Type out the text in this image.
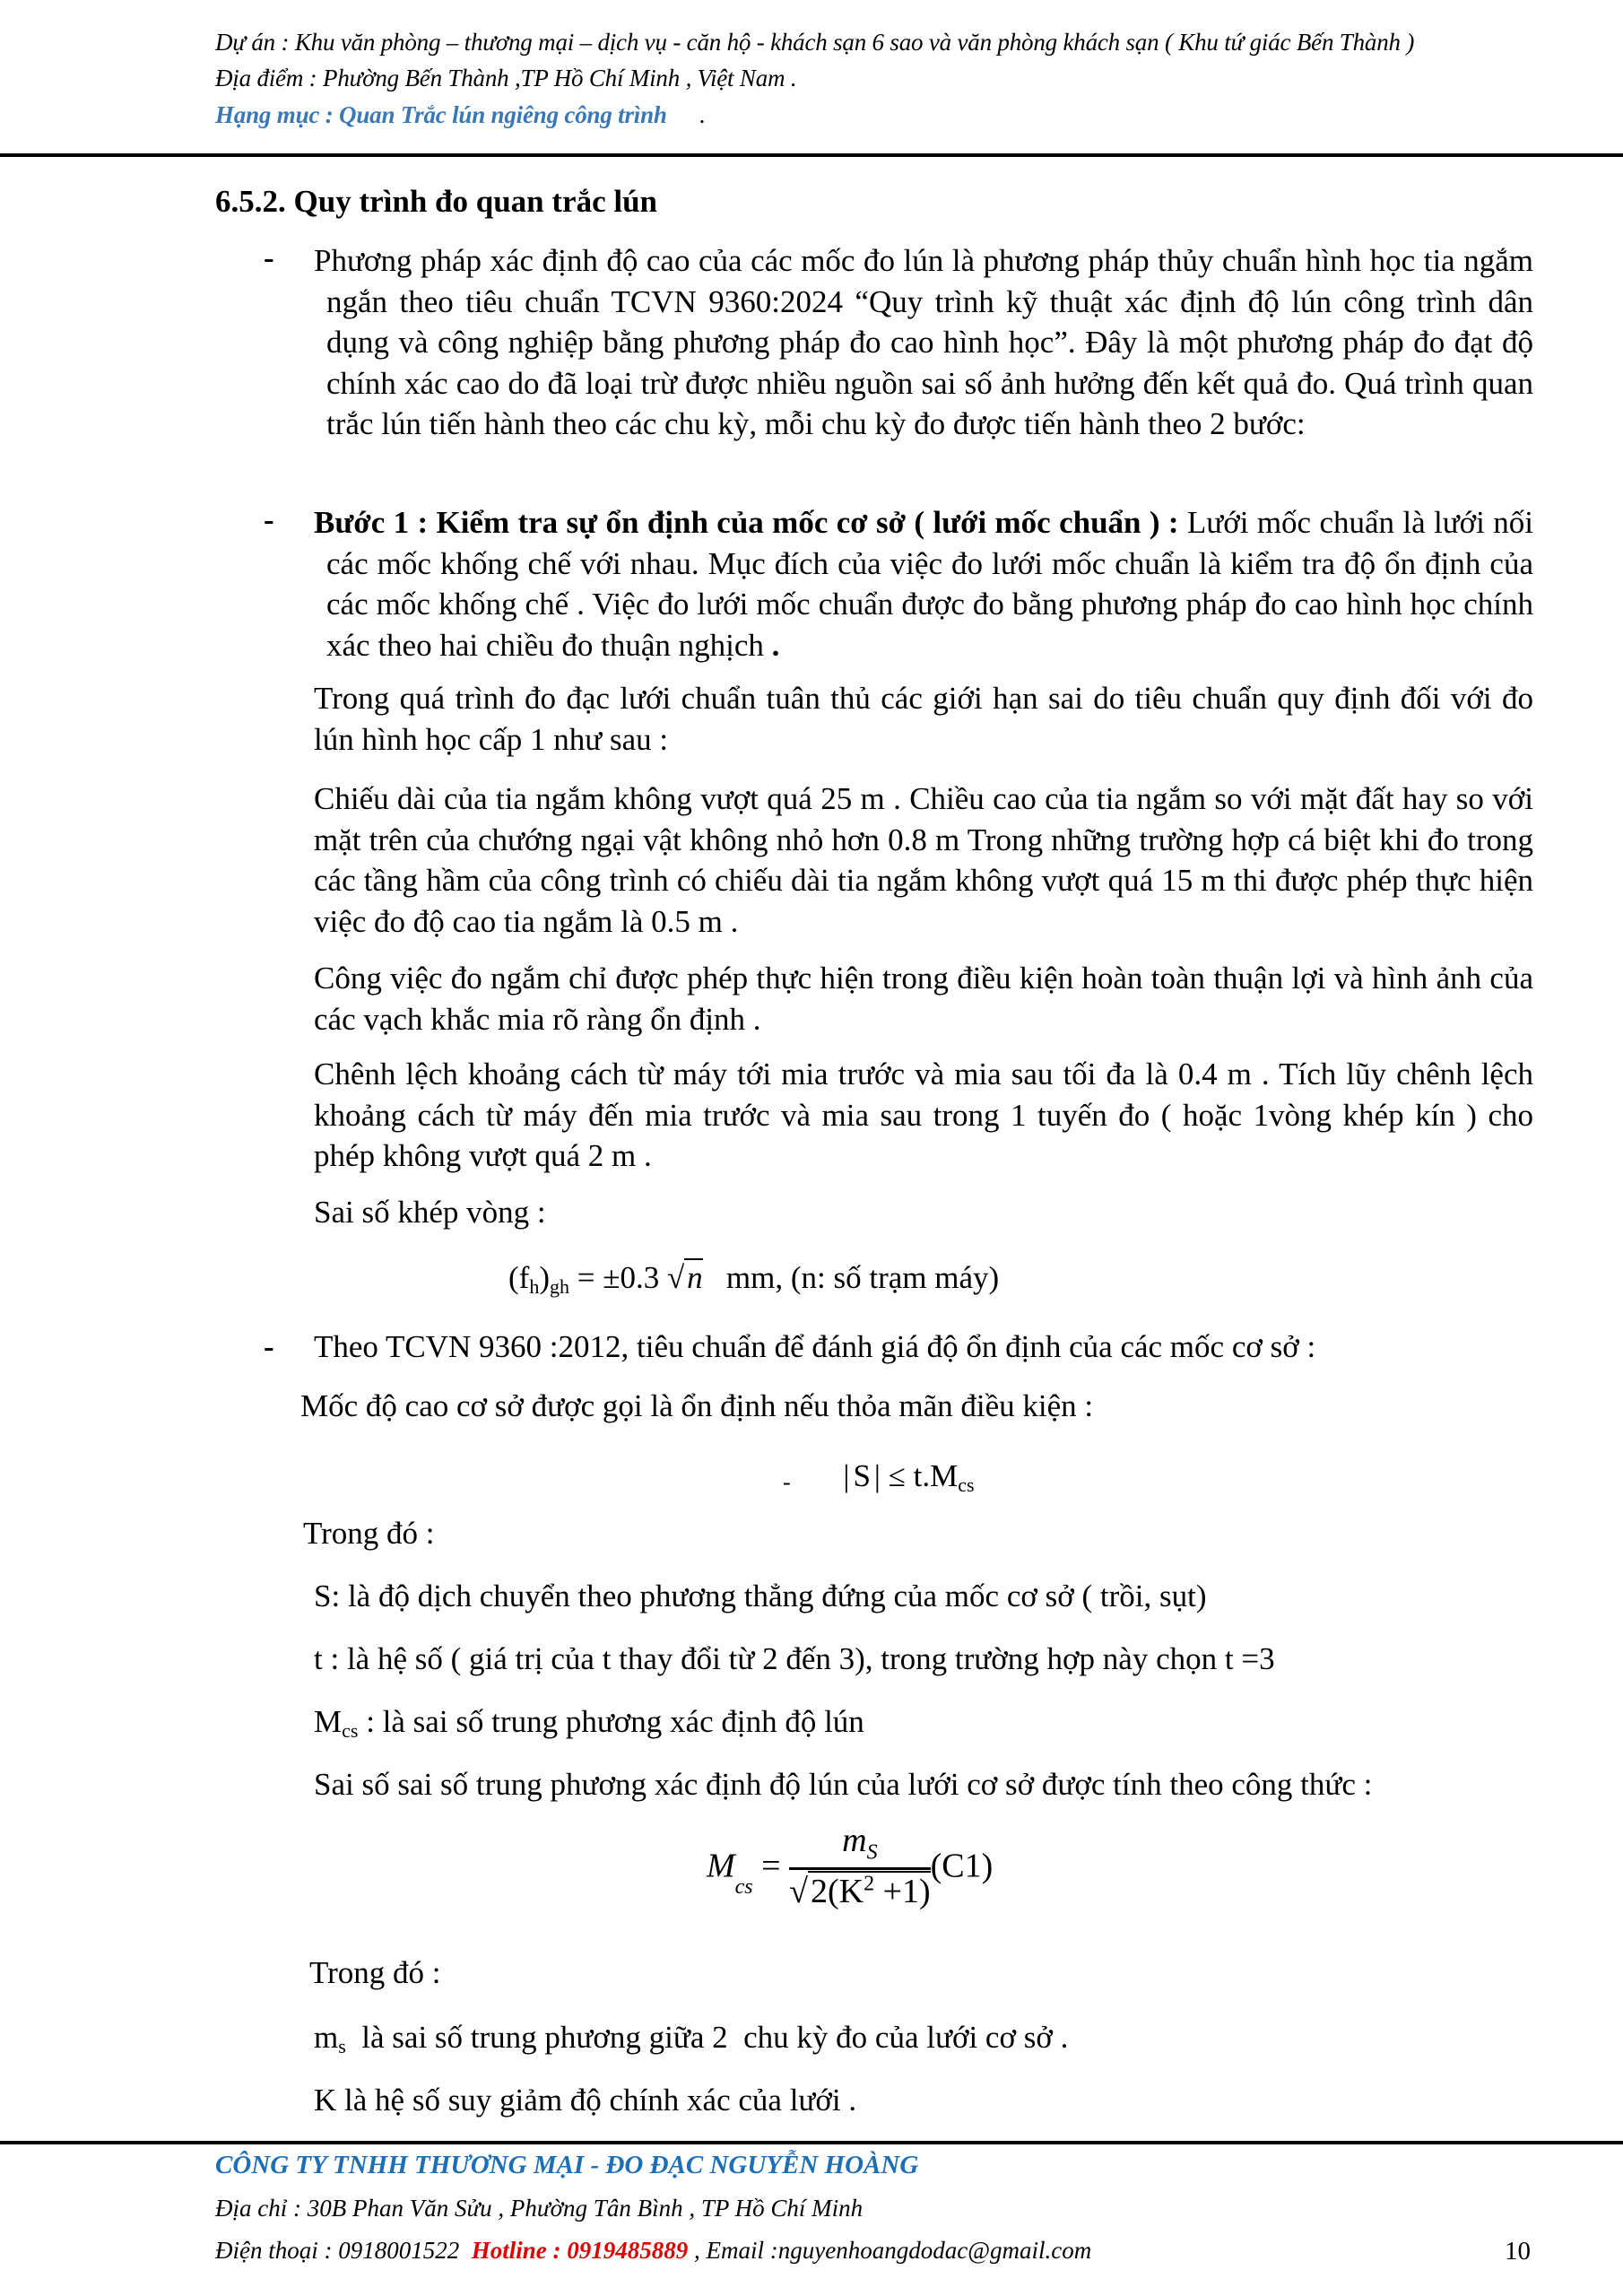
Dự án : Khu văn phòng – thương mại – dịch vụ - căn hộ - khách sạn 6 sao và văn phòng khách sạn ( Khu tứ giác Bến Thành )
Địa điểm : Phường Bến Thành ,TP Hồ Chí Minh , Việt Nam .
Hạng mục : Quan Trắc lún ngiêng công trình .
6.5.2. Quy trình đo quan trắc lún
- Phương pháp xác định độ cao của các mốc đo lún là phương pháp thủy chuẩn hình học tia ngắm ngắn theo tiêu chuẩn TCVN 9360:2024 “Quy trình kỹ thuật xác định độ lún công trình dân dụng và công nghiệp bằng phương pháp đo cao hình học”. Đây là một phương pháp đo đạt độ chính xác cao do đã loại trừ được nhiều nguồn sai số ảnh hưởng đến kết quả đo. Quá trình quan trắc lún tiến hành theo các chu kỳ, mỗi chu kỳ đo được tiến hành theo 2 bước:
- Bước 1 : Kiểm tra sự ổn định của mốc cơ sở ( lưới mốc chuẩn ) : Lưới mốc chuẩn là lưới nối các mốc khống chế với nhau. Mục đích của việc đo lưới mốc chuẩn là kiểm tra độ ổn định của các mốc khống chế . Việc đo lưới mốc chuẩn được đo bằng phương pháp đo cao hình học chính xác theo hai chiều đo thuận nghịch .
Trong quá trình đo đạc lưới chuẩn tuân thủ các giới hạn sai do tiêu chuẩn quy định đối với đo lún hình học cấp 1 như sau :
Chiếu dài của tia ngắm không vượt quá 25 m . Chiều cao của tia ngắm so với mặt đất hay so với mặt trên của chướng ngại vật không nhỏ hơn 0.8 m Trong những trường hợp cá biệt khi đo trong các tầng hầm của công trình có chiếu dài tia ngắm không vượt quá 15 m thi được phép thực hiện việc đo độ cao tia ngắm là 0.5 m .
Công việc đo ngắm chỉ được phép thực hiện trong điều kiện hoàn toàn thuận lợi và hình ảnh của các vạch khắc mia rõ ràng ổn định .
Chênh lệch khoảng cách từ máy tới mia trước và mia sau tối đa là 0.4 m . Tích lũy chênh lệch khoảng cách từ máy đến mia trước và mia sau trong 1 tuyến đo ( hoặc 1vòng khép kín ) cho phép không vượt quá 2 m .
Sai số khép vòng :
$(f_h)_{gh} = \pm 0.3$ √n   mm, (n: số trạm máy)
- Theo TCVN 9360 :2012, tiêu chuẩn để đánh giá độ ổn định của các mốc cơ sở :
Mốc độ cao cơ sở được gọi là ổn định nếu thỏa mãn điều kiện :
- | S | ≤ $t.M_{cs}$
Trong đó :
S: là độ dịch chuyển theo phương thẳng đứng của mốc cơ sở ( trồi, sụt)
t : là hệ số ( giá trị của t thay đổi từ 2 đến 3), trong trường hợp này chọn t =3
$M_{cs}$ : là sai số trung phương xác định độ lún
Sai số sai số trung phương xác định độ lún của lưới cơ sở được tính theo công thức :
$M_{cs} = \frac{m_S}{√2(K^2 +1)} (C1)$
Trong đó :
$m_s$  là sai số trung phương giữa 2  chu kỳ đo của lưới cơ sở .
K là hệ số suy giảm độ chính xác của lưới .
CÔNG TY TNHH THƯƠNG MẠI - ĐO ĐẠC NGUYỄN HOÀNG
Địa chỉ : 30B Phan Văn Sửu , Phường Tân Bình , TP Hồ Chí Minh
Điện thoại : 0918001522  Hotline : 0919485889 , Email :nguyenhoangdodac@gmail.com	10
